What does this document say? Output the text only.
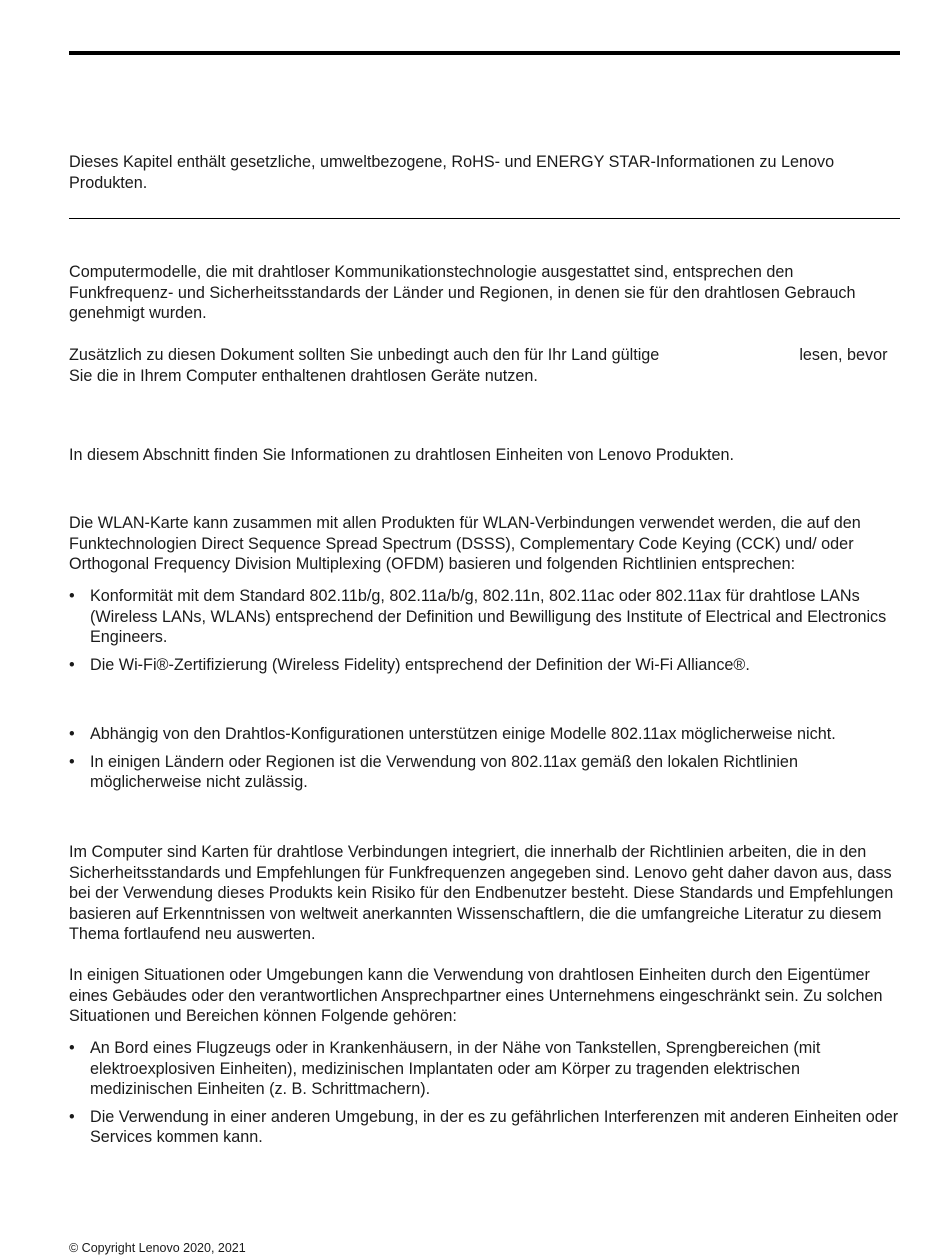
Dieses Kapitel enthält gesetzliche, umweltbezogene, RoHS- und ENERGY STAR-Informationen zu Lenovo Produkten.

Computermodelle, die mit drahtloser Kommunikationstechnologie ausgestattet sind, entsprechen den Funkfrequenz- und Sicherheitsstandards der Länder und Regionen, in denen sie für den drahtlosen Gebrauch genehmigt wurden.

Zusätzlich zu diesen Dokument sollten Sie unbedingt auch den für Ihr Land gültige	lesen, bevor Sie die in Ihrem Computer enthaltenen drahtlosen Geräte nutzen.

In diesem Abschnitt finden Sie Informationen zu drahtlosen Einheiten von Lenovo Produkten.

Die WLAN-Karte kann zusammen mit allen Produkten für WLAN-Verbindungen verwendet werden, die auf den Funktechnologien Direct Sequence Spread Spectrum (DSSS), Complementary Code Keying (CCK) und/ oder Orthogonal Frequency Division Multiplexing (OFDM) basieren und folgenden Richtlinien entsprechen:

• Konformität mit dem Standard 802.11b/g, 802.11a/b/g, 802.11n, 802.11ac oder 802.11ax für drahtlose LANs (Wireless LANs, WLANs) entsprechend der Definition und Bewilligung des Institute of Electrical and Electronics Engineers.
• Die Wi-Fi®-Zertifizierung (Wireless Fidelity) entsprechend der Definition der Wi-Fi Alliance®.
• Abhängig von den Drahtlos-Konfigurationen unterstützen einige Modelle 802.11ax möglicherweise nicht.
• In einigen Ländern oder Regionen ist die Verwendung von 802.11ax gemäß den lokalen Richtlinien möglicherweise nicht zulässig.

Im Computer sind Karten für drahtlose Verbindungen integriert, die innerhalb der Richtlinien arbeiten, die in den Sicherheitsstandards und Empfehlungen für Funkfrequenzen angegeben sind. Lenovo geht daher davon aus, dass bei der Verwendung dieses Produkts kein Risiko für den Endbenutzer besteht. Diese Standards und Empfehlungen basieren auf Erkenntnissen von weltweit anerkannten Wissenschaftlern, die die umfangreiche Literatur zu diesem Thema fortlaufend neu auswerten.

In einigen Situationen oder Umgebungen kann die Verwendung von drahtlosen Einheiten durch den Eigentümer eines Gebäudes oder den verantwortlichen Ansprechpartner eines Unternehmens eingeschränkt sein. Zu solchen Situationen und Bereichen können Folgende gehören:

• An Bord eines Flugzeugs oder in Krankenhäusern, in der Nähe von Tankstellen, Sprengbereichen (mit elektroexplosiven Einheiten), medizinischen Implantaten oder am Körper zu tragenden elektrischen medizinischen Einheiten (z. B. Schrittmachern).
• Die Verwendung in einer anderen Umgebung, in der es zu gefährlichen Interferenzen mit anderen Einheiten oder Services kommen kann.
© Copyright Lenovo 2020, 2021
